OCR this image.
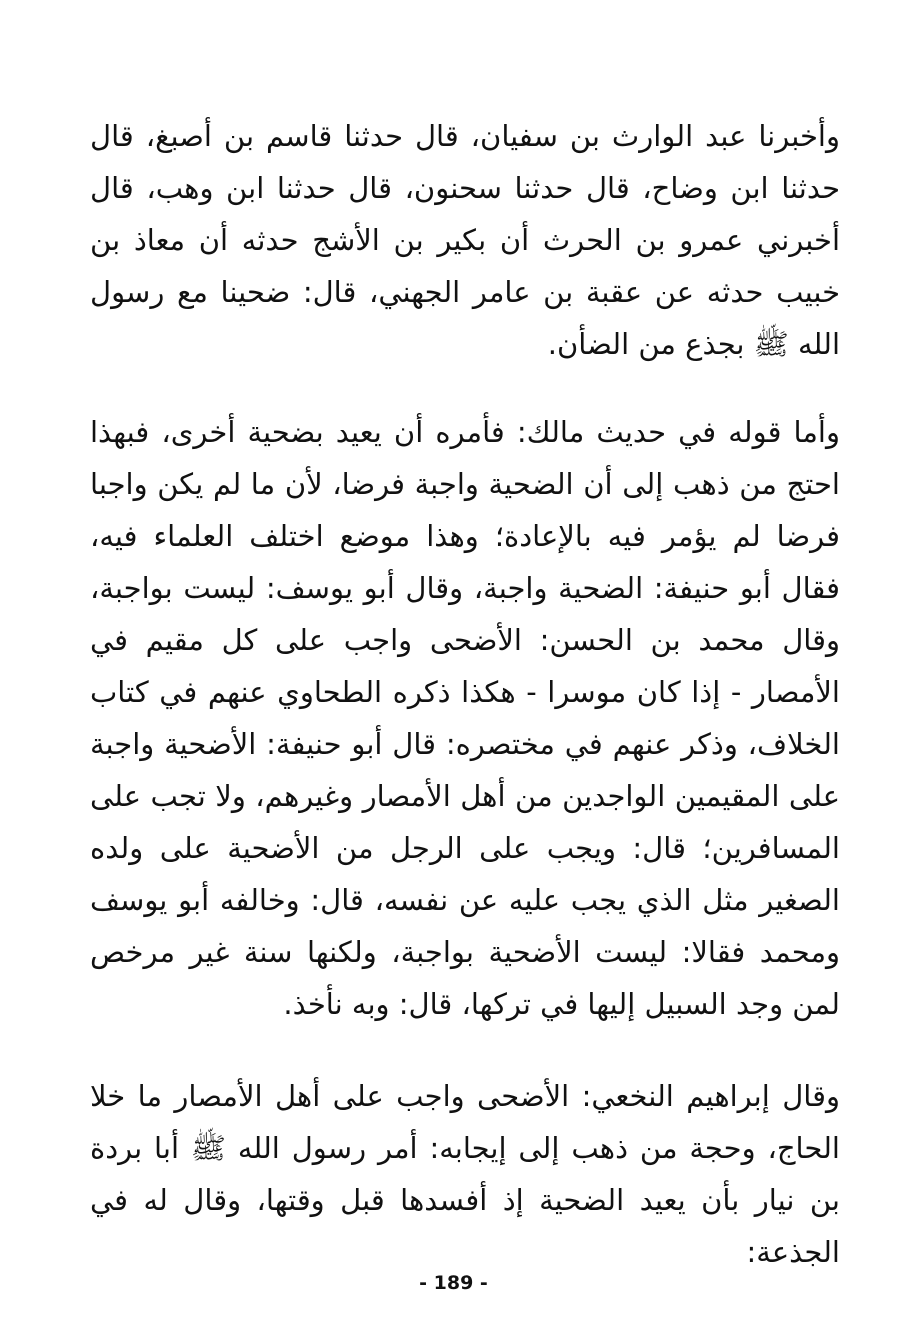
وأخبرنا عبد الوارث بن سفيان، قال حدثنا قاسم بن أصبغ، قال حدثنا ابن وضاح، قال حدثنا سحنون، قال حدثنا ابن وهب، قال أخبرني عمرو بن الحرث أن بكير بن الأشج حدثه أن معاذ بن خبيب حدثه عن عقبة بن عامر الجهني، قال: ضحينا مع رسول الله ﷺ بجذع من الضأن.

وأما قوله في حديث مالك: فأمره أن يعيد بضحية أخرى، فبهذا احتج من ذهب إلى أن الضحية واجبة فرضا، لأن ما لم يكن واجبا فرضا لم يؤمر فيه بالإعادة؛ وهذا موضع اختلف العلماء فيه، فقال أبو حنيفة: الضحية واجبة، وقال أبو يوسف: ليست بواجبة، وقال محمد بن الحسن: الأضحى واجب على كل مقيم في الأمصار - إذا كان موسرا - هكذا ذكره الطحاوي عنهم في كتاب الخلاف، وذكر عنهم في مختصره: قال أبو حنيفة: الأضحية واجبة على المقيمين الواجدين من أهل الأمصار وغيرهم، ولا تجب على المسافرين؛ قال: ويجب على الرجل من الأضحية على ولده الصغير مثل الذي يجب عليه عن نفسه، قال: وخالفه أبو يوسف ومحمد فقالا: ليست الأضحية بواجبة، ولكنها سنة غير مرخص لمن وجد السبيل إليها في تركها، قال: وبه نأخذ.

وقال إبراهيم النخعي: الأضحى واجب على أهل الأمصار ما خلا الحاج، وحجة من ذهب إلى إيجابه: أمر رسول الله ﷺ أبا بردة بن نيار بأن يعيد الضحية إذ أفسدها قبل وقتها، وقال له في الجذعة:

- 189 -
